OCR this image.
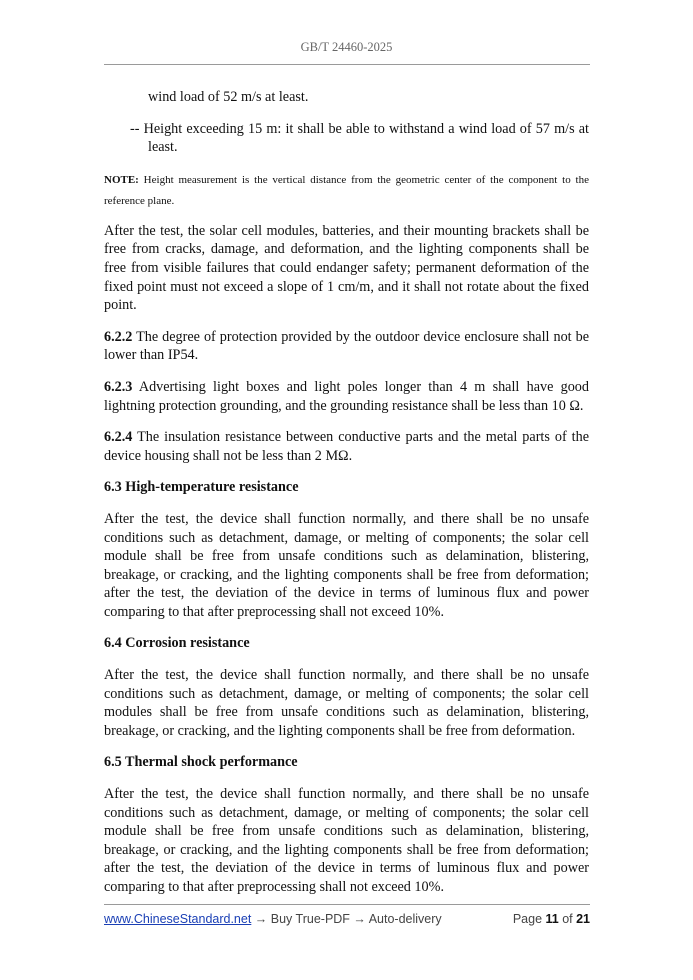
GB/T 24460-2025

wind load of 52 m/s at least.

-- Height exceeding 15 m: it shall be able to withstand a wind load of 57 m/s at least.

NOTE: Height measurement is the vertical distance from the geometric center of the component to the reference plane.

After the test, the solar cell modules, batteries, and their mounting brackets shall be free from cracks, damage, and deformation, and the lighting components shall be free from visible failures that could endanger safety; permanent deformation of the fixed point must not exceed a slope of 1 cm/m, and it shall not rotate about the fixed point.

6.2.2 The degree of protection provided by the outdoor device enclosure shall not be lower than IP54.

6.2.3 Advertising light boxes and light poles longer than 4 m shall have good lightning protection grounding, and the grounding resistance shall be less than 10 Ω.

6.2.4 The insulation resistance between conductive parts and the metal parts of the device housing shall not be less than 2 MΩ.

6.3 High-temperature resistance

After the test, the device shall function normally, and there shall be no unsafe conditions such as detachment, damage, or melting of components; the solar cell module shall be free from unsafe conditions such as delamination, blistering, breakage, or cracking, and the lighting components shall be free from deformation; after the test, the deviation of the device in terms of luminous flux and power comparing to that after preprocessing shall not exceed 10%.

6.4 Corrosion resistance

After the test, the device shall function normally, and there shall be no unsafe conditions such as detachment, damage, or melting of components; the solar cell modules shall be free from unsafe conditions such as delamination, blistering, breakage, or cracking, and the lighting components shall be free from deformation.

6.5 Thermal shock performance

After the test, the device shall function normally, and there shall be no unsafe conditions such as detachment, damage, or melting of components; the solar cell module shall be free from unsafe conditions such as delamination, blistering, breakage, or cracking, and the lighting components shall be free from deformation; after the test, the deviation of the device in terms of luminous flux and power comparing to that after preprocessing shall not exceed 10%.

www.ChineseStandard.net → Buy True-PDF → Auto-delivery	Page 11 of 21
